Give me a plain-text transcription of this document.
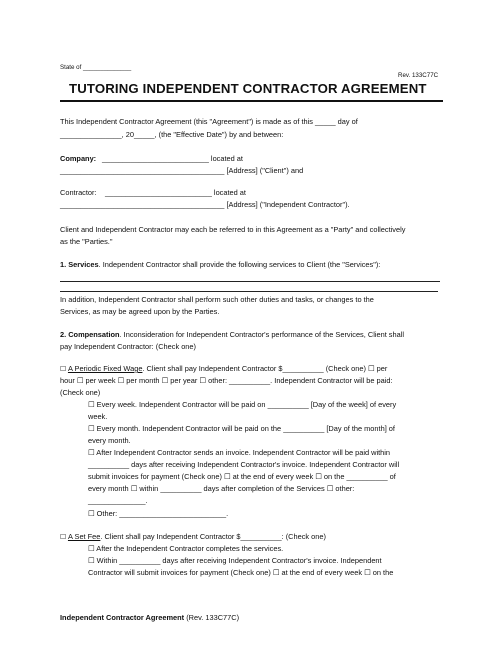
State of ______________
Rev. 133C77C
TUTORING INDEPENDENT CONTRACTOR AGREEMENT
This Independent Contractor Agreement (this "Agreement") is made as of this _____ day of
_______________, 20_____, (the "Effective Date") by and between:
Company: __________________________ located at
________________________________________ [Address] ("Client") and
Contractor: __________________________ located at
________________________________________ [Address] ("Independent Contractor").
Client and Independent Contractor may each be referred to in this Agreement as a "Party" and collectively
as the "Parties."
1. Services. Independent Contractor shall provide the following services to Client (the "Services"):
In addition, Independent Contractor shall perform such other duties and tasks, or changes to the
Services, as may be agreed upon by the Parties.
2. Compensation. Inconsideration for Independent Contractor's performance of the Services, Client shall
pay Independent Contractor: (Check one)
☐ A Periodic Fixed Wage. Client shall pay Independent Contractor $__________ (Check one) ☐ per
hour ☐ per week ☐ per month ☐ per year ☐ other: __________. Independent Contractor will be paid:
(Check one)
☐ Every week. Independent Contractor will be paid on __________ [Day of the week] of every
week.
☐ Every month. Independent Contractor will be paid on the __________ [Day of the month] of
every month.
☐ After Independent Contractor sends an invoice. Independent Contractor will be paid within
__________ days after receiving Independent Contractor's invoice. Independent Contractor will
submit invoices for payment (Check one) ☐ at the end of every week ☐ on the __________ of
every month ☐ within __________ days after completion of the Services ☐ other:
______________.
☐ Other: __________________________.
☐ A Set Fee. Client shall pay Independent Contractor $__________: (Check one)
☐ After the Independent Contractor completes the services.
☐ Within __________ days after receiving Independent Contractor's invoice. Independent
Contractor will submit invoices for payment (Check one) ☐ at the end of every week ☐ on the
Independent Contractor Agreement (Rev. 133C77C)
